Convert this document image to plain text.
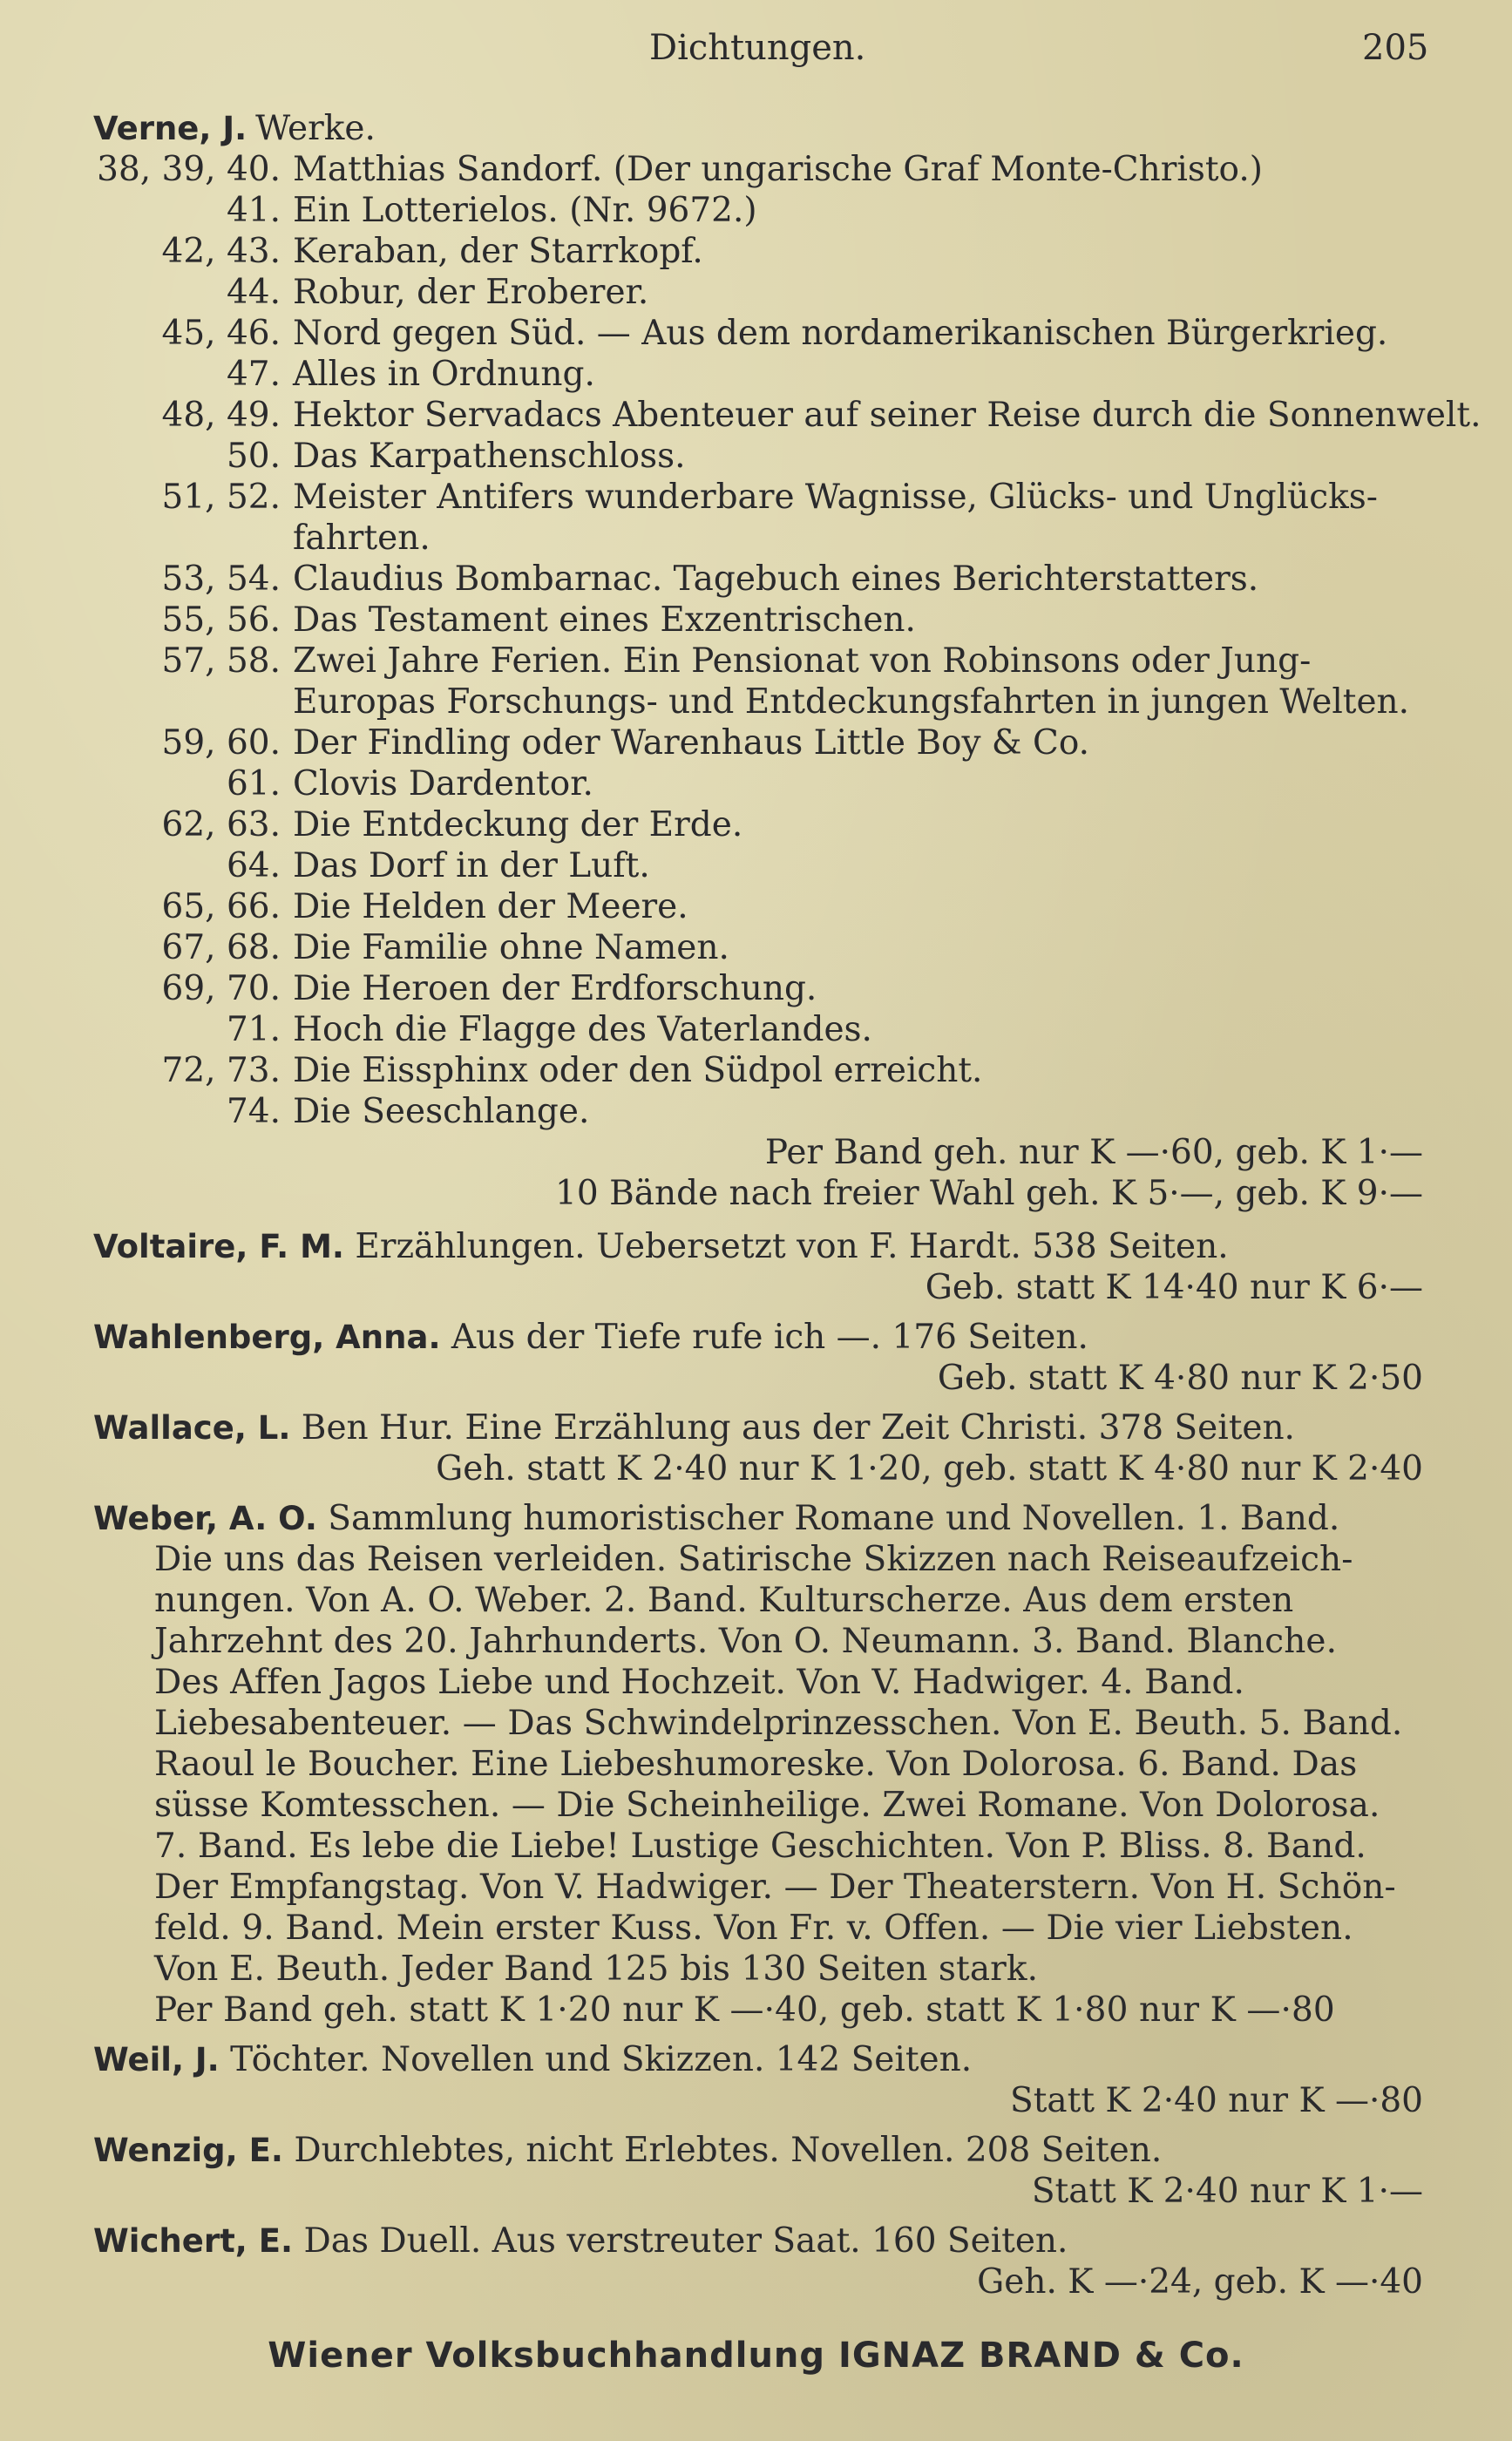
Dichtungen.	205
Verne, J. Werke.
38, 39, 40. Matthias Sandorf. (Der ungarische Graf Monte-Christo.)
41. Ein Lotterielos. (Nr. 9672.)
42, 43. Keraban, der Starrkopf.
44. Robur, der Eroberer.
45, 46. Nord gegen Süd. — Aus dem nordamerikanischen Bürgerkrieg.
47. Alles in Ordnung.
48, 49. Hektor Servadacs Abenteuer auf seiner Reise durch die Sonnenwelt.
50. Das Karpathenschloss.
51, 52. Meister Antifers wunderbare Wagnisse, Glücks- und Unglücks-
fahrten.
53, 54. Claudius Bombarnac. Tagebuch eines Berichterstatters.
55, 56. Das Testament eines Exzentrischen.
57, 58. Zwei Jahre Ferien. Ein Pensionat von Robinsons oder Jung-
Europas Forschungs- und Entdeckungsfahrten in jungen Welten.
59, 60. Der Findling oder Warenhaus Little Boy & Co.
61. Clovis Dardentor.
62, 63. Die Entdeckung der Erde.
64. Das Dorf in der Luft.
65, 66. Die Helden der Meere.
67, 68. Die Familie ohne Namen.
69, 70. Die Heroen der Erdforschung.
71. Hoch die Flagge des Vaterlandes.
72, 73. Die Eissphinx oder den Südpol erreicht.
74. Die Seeschlange.
Per Band geh. nur K —·60, geb. K 1·—
10 Bände nach freier Wahl geh. K 5·—, geb. K 9·—
Voltaire, F. M. Erzählungen. Uebersetzt von F. Hardt. 538 Seiten.
Geb. statt K 14·40 nur K 6·—
Wahlenberg, Anna. Aus der Tiefe rufe ich —. 176 Seiten.
Geb. statt K 4·80 nur K 2·50
Wallace, L. Ben Hur. Eine Erzählung aus der Zeit Christi. 378 Seiten.
Geh. statt K 2·40 nur K 1·20, geb. statt K 4·80 nur K 2·40
Weber, A. O. Sammlung humoristischer Romane und Novellen. 1. Band.
Die uns das Reisen verleiden. Satirische Skizzen nach Reiseaufzeich-
nungen. Von A. O. Weber. 2. Band. Kulturscherze. Aus dem ersten
Jahrzehnt des 20. Jahrhunderts. Von O. Neumann. 3. Band. Blanche.
Des Affen Jagos Liebe und Hochzeit. Von V. Hadwiger. 4. Band.
Liebesabenteuer. — Das Schwindelprinzesschen. Von E. Beuth. 5. Band.
Raoul le Boucher. Eine Liebeshumoreske. Von Dolorosa. 6. Band. Das
süsse Komtesschen. — Die Scheinheilige. Zwei Romane. Von Dolorosa.
7. Band. Es lebe die Liebe! Lustige Geschichten. Von P. Bliss. 8. Band.
Der Empfangstag. Von V. Hadwiger. — Der Theaterstern. Von H. Schön-
feld. 9. Band. Mein erster Kuss. Von Fr. v. Offen. — Die vier Liebsten.
Von E. Beuth. Jeder Band 125 bis 130 Seiten stark.
Per Band geh. statt K 1·20 nur K —·40, geb. statt K 1·80 nur K —·80
Weil, J. Töchter. Novellen und Skizzen. 142 Seiten.
Statt K 2·40 nur K —·80
Wenzig, E. Durchlebtes, nicht Erlebtes. Novellen. 208 Seiten.
Statt K 2·40 nur K 1·—
Wichert, E. Das Duell. Aus verstreuter Saat. 160 Seiten.
Geh. K —·24, geb. K —·40
Wiener Volksbuchhandlung IGNAZ BRAND & Co.
